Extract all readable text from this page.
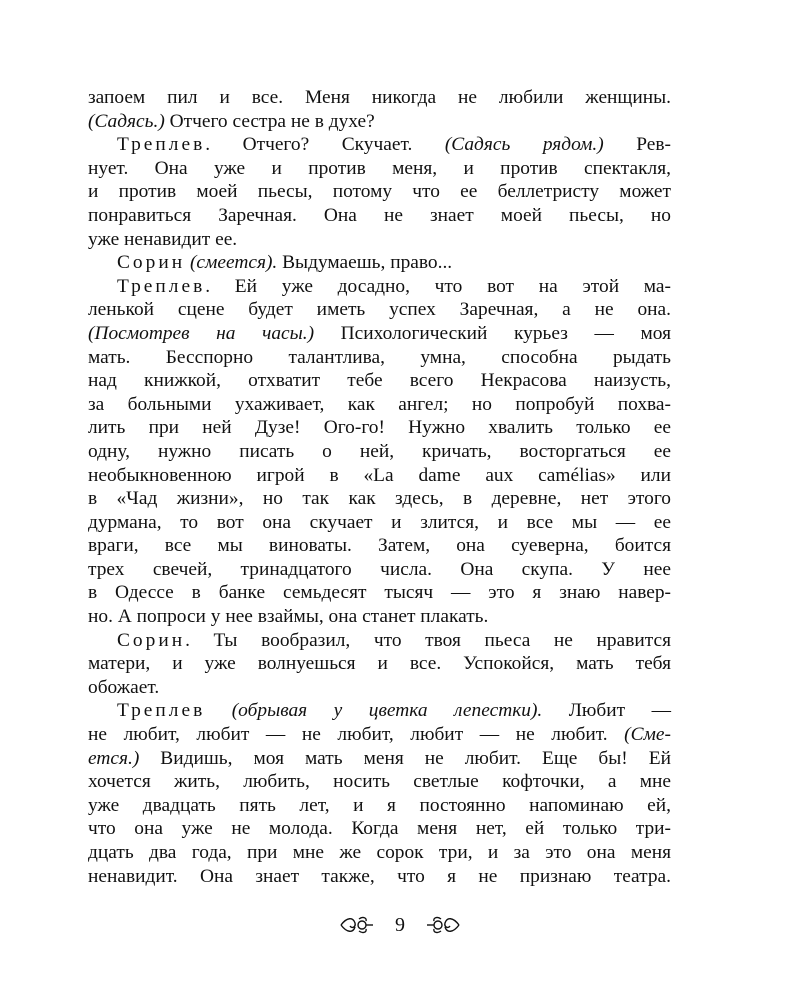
запоем пил и все. Меня никогда не любили женщины.
(Садясь.) Отчего сестра не в духе?
Треплев. Отчего? Скучает. (Садясь рядом.) Рев-
нует. Она уже и против меня, и против спектакля,
и против моей пьесы, потому что ее беллетристу может
понравиться Заречная. Она не знает моей пьесы, но
уже ненавидит ее.
Сорин (смеется). Выдумаешь, право...
Треплев. Ей уже досадно, что вот на этой ма-
ленькой сцене будет иметь успех Заречная, а не она.
(Посмотрев на часы.) Психологический курьез — моя
мать. Бесспорно талантлива, умна, способна рыдать
над книжкой, отхватит тебе всего Некрасова наизусть,
за больными ухаживает, как ангел; но попробуй похва-
лить при ней Дузе! Ого-го! Нужно хвалить только ее
одну, нужно писать о ней, кричать, восторгаться ее
необыкновенною игрой в «La dame aux camélias» или
в «Чад жизни», но так как здесь, в деревне, нет этого
дурмана, то вот она скучает и злится, и все мы — ее
враги, все мы виноваты. Затем, она суеверна, боится
трех свечей, тринадцатого числа. Она скупа. У нее
в Одессе в банке семьдесят тысяч — это я знаю навер-
но. А попроси у нее взаймы, она станет плакать.
Сорин. Ты вообразил, что твоя пьеса не нравится
матери, и уже волнуешься и все. Успокойся, мать тебя
обожает.
Треплев (обрывая у цветка лепестки). Любит —
не любит, любит — не любит, любит — не любит. (Сме-
ется.) Видишь, моя мать меня не любит. Еще бы! Ей
хочется жить, любить, носить светлые кофточки, а мне
уже двадцать пять лет, и я постоянно напоминаю ей,
что она уже не молода. Когда меня нет, ей только три-
дцать два года, при мне же сорок три, и за это она меня
ненавидит. Она знает также, что я не признаю театра.
9
